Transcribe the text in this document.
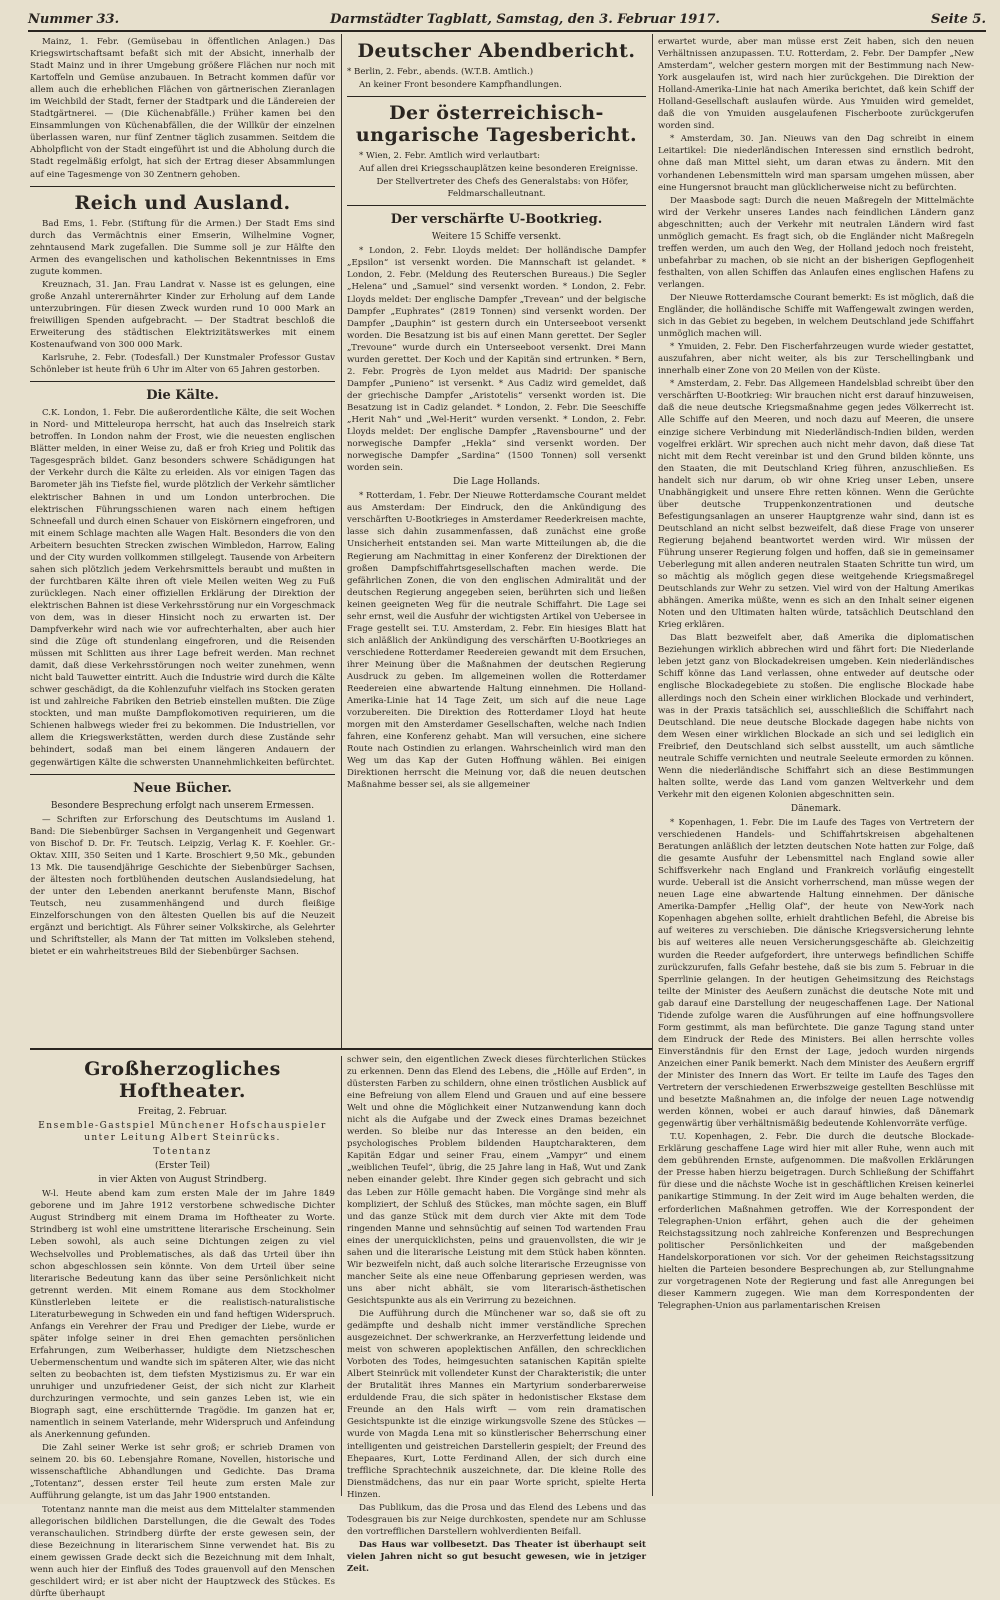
Nummer 33.	Darmstädter Tagblatt, Samstag, den 3. Februar 1917.	Seite 5.

Mainz, 1. Febr. (Gemüsebau in öffentlichen Anlagen.) Das Kriegswirtschaftsamt befaßt sich mit der Absicht, innerhalb der Stadt Mainz und in ihrer Umgebung größere Flächen nur noch mit Kartoffeln und Gemüse anzubauen. In Betracht kommen dafür vor allem auch die erheblichen Flächen von gärtnerischen Zieranlagen im Weichbild der Stadt, ferner der Stadtpark und die Ländereien der Stadtgärtnerei. — (Die Küchenabfälle.) Früher kamen bei den Einsammlungen von Küchenabfällen, die der Willkür der einzelnen überlassen waren, nur fünf Zentner täglich zusammen. Seitdem die Abholpflicht von der Stadt eingeführt ist und die Abholung durch die Stadt regelmäßig erfolgt, hat sich der Ertrag dieser Absammlungen auf eine Tagesmenge von 30 Zentnern gehoben.

Reich und Ausland.

Bad Ems, 1. Febr. (Stiftung für die Armen.) Der Stadt Ems sind durch das Vermächtnis einer Emserin, Wilhelmine Vogner, zehntausend Mark zugefallen. Die Summe soll je zur Hälfte den Armen des evangelischen und katholischen Bekenntnisses in Ems zugute kommen.

Kreuznach, 31. Jan. Frau Landrat v. Nasse ist es gelungen, eine große Anzahl unterernährter Kinder zur Erholung auf dem Lande unterzubringen. Für diesen Zweck wurden rund 10 000 Mark an freiwilligen Spenden aufgebracht. — Der Stadtrat beschloß die Erweiterung des städtischen Elektrizitätswerkes mit einem Kostenaufwand von 300 000 Mark.

Karlsruhe, 2. Febr. (Todesfall.) Der Kunstmaler Professor Gustav Schönleber ist heute früh 6 Uhr im Alter von 65 Jahren gestorben.

Die Kälte.

C.K. London, 1. Febr. Die außerordentliche Kälte, die seit Wochen in Nord- und Mitteleuropa herrscht, hat auch das Inselreich stark betroffen. In London nahm der Frost, wie die neuesten englischen Blätter melden, in einer Weise zu, daß er froh Krieg und Politik das Tagesgespräch bildet. Ganz besonders schwere Schädigungen hat der Verkehr durch die Kälte zu erleiden. Als vor einigen Tagen das Barometer jäh ins Tiefste fiel, wurde plötzlich der Verkehr sämtlicher elektrischer Bahnen in und um London unterbrochen. Die elektrischen Führungsschienen waren nach einem heftigen Schneefall und durch einen Schauer von Eiskörnern eingefroren, und mit einem Schlage machten alle Wagen Halt. Besonders die von den Arbeitern besuchten Strecken zwischen Wimbledon, Harrow, Ealing und der City wurden vollkommen stillgelegt. Tausende von Arbeitern sahen sich plötzlich jedem Verkehrsmittels beraubt und mußten in der furchtbaren Kälte ihren oft viele Meilen weiten Weg zu Fuß zurücklegen. Nach einer offiziellen Erklärung der Direktion der elektrischen Bahnen ist diese Verkehrsstörung nur ein Vorgeschmack von dem, was in dieser Hinsicht noch zu erwarten ist. Der Dampfverkehr wird nach wie vor aufrechterhalten, aber auch hier sind die Züge oft stundenlang eingefroren, und die Reisenden müssen mit Schlitten aus ihrer Lage befreit werden. Man rechnet damit, daß diese Verkehrsstörungen noch weiter zunehmen, wenn nicht bald Tauwetter eintritt. Auch die Industrie wird durch die Kälte schwer geschädigt, da die Kohlenzufuhr vielfach ins Stocken geraten ist und zahlreiche Fabriken den Betrieb einstellen mußten. Die Züge stockten, und man mußte Dampflokomotiven requirieren, um die Schienen halbwegs wieder frei zu bekommen. Die Industriellen, vor allem die Kriegswerkstätten, werden durch diese Zustände sehr behindert, sodaß man bei einem längeren Andauern der gegenwärtigen Kälte die schwersten Unannehmlichkeiten befürchtet.

Neue Bücher.
Besondere Besprechung erfolgt nach unserem Ermessen.

— Schriften zur Erforschung des Deutschtums im Ausland 1. Band: Die Siebenbürger Sachsen in Vergangenheit und Gegenwart von Bischof D. Dr. Fr. Teutsch. Leipzig, Verlag K. F. Koehler. Gr.-Oktav. XIII, 350 Seiten und 1 Karte. Broschiert 9,50 Mk., gebunden 13 Mk. Die tausendjährige Geschichte der Siebenbürger Sachsen, der ältesten noch fortblühenden deutschen Auslandsiedelung, hat der unter den Lebenden anerkannt berufenste Mann, Bischof Teutsch, neu zusammenhängend und durch fleißige Einzelforschungen von den ältesten Quellen bis auf die Neuzeit ergänzt und berichtigt. Als Führer seiner Volkskirche, als Gelehrter und Schriftsteller, als Mann der Tat mitten im Volksleben stehend, bietet er ein wahrheitstreues Bild der Siebenbürger Sachsen.

Deutscher Abendbericht.

* Berlin, 2. Febr., abends. (W.T.B. Amtlich.)

An keiner Front besondere Kampfhandlungen.

Der österreichisch-ungarische Tagesbericht.

* Wien, 2. Febr. Amtlich wird verlautbart:

Auf allen drei Kriegsschauplätzen keine besonderen Ereignisse.

Der Stellvertreter des Chefs des Generalstabs: von Höfer, Feldmarschalleutnant.

Der verschärfte U-Bootkrieg.
Weitere 15 Schiffe versenkt.

* London, 2. Febr. Lloyds meldet: Der holländische Dampfer „Epsilon“ ist versenkt worden. Die Mannschaft ist gelandet. * London, 2. Febr. (Meldung des Reuterschen Bureaus.) Die Segler „Helena“ und „Samuel“ sind versenkt worden. * London, 2. Febr. Lloyds meldet: Der englische Dampfer „Trevean“ und der belgische Dampfer „Euphrates“ (2819 Tonnen) sind versenkt worden. Der Dampfer „Dauphin“ ist gestern durch ein Unterseeboot versenkt worden. Die Besatzung ist bis auf einen Mann gerettet. Der Segler „Trevoune“ wurde durch ein Unterseeboot versenkt. Drei Mann wurden gerettet. Der Koch und der Kapitän sind ertrunken. * Bern, 2. Febr. Progrès de Lyon meldet aus Madrid: Der spanische Dampfer „Punieno“ ist versenkt. * Aus Cadiz wird gemeldet, daß der griechische Dampfer „Aristotelis“ versenkt worden ist. Die Besatzung ist in Cadiz gelandet. * London, 2. Febr. Die Seeschiffe „Herit Nah“ und „Wel-Herit“ wurden versenkt. * London, 2. Febr. Lloyds meldet: Der englische Dampfer „Ravensbourne“ und der norwegische Dampfer „Hekla“ sind versenkt worden. Der norwegische Dampfer „Sardina“ (1500 Tonnen) soll versenkt worden sein.

Die Lage Hollands.

* Rotterdam, 1. Febr. Der Nieuwe Rotterdamsche Courant meldet aus Amsterdam: Der Eindruck, den die Ankündigung des verschärften U-Bootkrieges in Amsterdamer Reederkreisen machte, lasse sich dahin zusammenfassen, daß zunächst eine große Unsicherheit entstanden sei. Man warte Mitteilungen ab, die die Regierung am Nachmittag in einer Konferenz der Direktionen der großen Dampfschiffahrtsgesellschaften machen werde. Die gefährlichen Zonen, die von den englischen Admiralität und der deutschen Regierung angegeben seien, berührten sich und ließen keinen geeigneten Weg für die neutrale Schiffahrt. Die Lage sei sehr ernst, weil die Ausfuhr der wichtigsten Artikel von Uebersee in Frage gestellt sei. T.U. Amsterdam, 2. Febr. Ein hiesiges Blatt hat sich anläßlich der Ankündigung des verschärften U-Bootkrieges an verschiedene Rotterdamer Reedereien gewandt mit dem Ersuchen, ihrer Meinung über die Maßnahmen der deutschen Regierung Ausdruck zu geben. Im allgemeinen wollen die Rotterdamer Reedereien eine abwartende Haltung einnehmen. Die Holland-Amerika-Linie hat 14 Tage Zeit, um sich auf die neue Lage vorzubereiten. Die Direktion des Rotterdamer Lloyd hat heute morgen mit den Amsterdamer Gesellschaften, welche nach Indien fahren, eine Konferenz gehabt. Man will versuchen, eine sichere Route nach Ostindien zu erlangen. Wahrscheinlich wird man den Weg um das Kap der Guten Hoffnung wählen. Bei einigen Direktionen herrscht die Meinung vor, daß die neuen deutschen Maßnahme besser sei, als sie allgemeiner

erwartet wurde, aber man müsse erst Zeit haben, sich den neuen Verhältnissen anzupassen. T.U. Rotterdam, 2. Febr. Der Dampfer „New Amsterdam“, welcher gestern morgen mit der Bestimmung nach New-York ausgelaufen ist, wird nach hier zurückgehen. Die Direktion der Holland-Amerika-Linie hat nach Amerika berichtet, daß kein Schiff der Holland-Gesellschaft auslaufen würde. Aus Ymuiden wird gemeldet, daß die von Ymuiden ausgelaufenen Fischerboote zurückgerufen worden sind.

* Amsterdam, 30. Jan. Nieuws van den Dag schreibt in einem Leitartikel: Die niederländischen Interessen sind ernstlich bedroht, ohne daß man Mittel sieht, um daran etwas zu ändern. Mit den vorhandenen Lebensmitteln wird man sparsam umgehen müssen, aber eine Hungersnot braucht man glücklicherweise nicht zu befürchten.

Der Maasbode sagt: Durch die neuen Maßregeln der Mittelmächte wird der Verkehr unseres Landes nach feindlichen Ländern ganz abgeschnitten; auch der Verkehr mit neutralen Ländern wird fast unmöglich gemacht. Es fragt sich, ob die Engländer nicht Maßregeln treffen werden, um auch den Weg, der Holland jedoch noch freisteht, unbefahrbar zu machen, ob sie nicht an der bisherigen Gepflogenheit festhalten, von allen Schiffen das Anlaufen eines englischen Hafens zu verlangen.

Der Nieuwe Rotterdamsche Courant bemerkt: Es ist möglich, daß die Engländer, die holländische Schiffe mit Waffengewalt zwingen werden, sich in das Gebiet zu begeben, in welchem Deutschland jede Schiffahrt unmöglich machen will.

* Ymuiden, 2. Febr. Den Fischerfahrzeugen wurde wieder gestattet, auszufahren, aber nicht weiter, als bis zur Terschellingbank und innerhalb einer Zone von 20 Meilen von der Küste.

* Amsterdam, 2. Febr. Das Allgemeen Handelsblad schreibt über den verschärften U-Bootkrieg: Wir brauchen nicht erst darauf hinzuweisen, daß die neue deutsche Kriegsmaßnahme gegen jedes Völkerrecht ist. Alle Schiffe auf den Meeren, und noch dazu auf Meeren, die unsere einzige sichere Verbindung mit Niederländisch-Indien bilden, werden vogelfrei erklärt. Wir sprechen auch nicht mehr davon, daß diese Tat nicht mit dem Recht vereinbar ist und den Grund bilden könnte, uns den Staaten, die mit Deutschland Krieg führen, anzuschließen. Es handelt sich nur darum, ob wir ohne Krieg unser Leben, unsere Unabhängigkeit und unsere Ehre retten können. Wenn die Gerüchte über deutsche Truppenkonzentrationen und deutsche Befestigungsanlagen an unserer Hauptgrenze wahr sind, dann ist es Deutschland an nicht selbst bezweifelt, daß diese Frage von unserer Regierung bejahend beantwortet werden wird. Wir müssen der Führung unserer Regierung folgen und hoffen, daß sie in gemeinsamer Ueberlegung mit allen anderen neutralen Staaten Schritte tun wird, um so mächtig als möglich gegen diese weitgehende Kriegsmaßregel Deutschlands zur Wehr zu setzen. Viel wird von der Haltung Amerikas abhängen. Amerika müßte, wenn es sich an den Inhalt seiner eigenen Noten und den Ultimaten halten würde, tatsächlich Deutschland den Krieg erklären.

Das Blatt bezweifelt aber, daß Amerika die diplomatischen Beziehungen wirklich abbrechen wird und fährt fort: Die Niederlande leben jetzt ganz von Blockadekreisen umgeben. Kein niederländisches Schiff könne das Land verlassen, ohne entweder auf deutsche oder englische Blockadegebiete zu stoßen. Die englische Blockade habe allerdings noch den Schein einer wirklichen Blockade und verhindert, was in der Praxis tatsächlich sei, ausschließlich die Schiffahrt nach Deutschland. Die neue deutsche Blockade dagegen habe nichts von dem Wesen einer wirklichen Blockade an sich und sei lediglich ein Freibrief, den Deutschland sich selbst ausstellt, um auch sämtliche neutrale Schiffe vernichten und neutrale Seeleute ermorden zu können. Wenn die niederländische Schiffahrt sich an diese Bestimmungen halten sollte, werde das Land vom ganzen Weltverkehr und dem Verkehr mit den eigenen Kolonien abgeschnitten sein.

Dänemark.

* Kopenhagen, 1. Febr. Die im Laufe des Tages von Vertretern der verschiedenen Handels- und Schiffahrtskreisen abgehaltenen Beratungen anläßlich der letzten deutschen Note hatten zur Folge, daß die gesamte Ausfuhr der Lebensmittel nach England sowie aller Schiffsverkehr nach England und Frankreich vorläufig eingestellt wurde. Ueberall ist die Ansicht vorherrschend, man müsse wegen der neuen Lage eine abwartende Haltung einnehmen. Der dänische Amerika-Dampfer „Hellig Olaf“, der heute von New-York nach Kopenhagen abgehen sollte, erhielt drahtlichen Befehl, die Abreise bis auf weiteres zu verschieben. Die dänische Kriegsversicherung lehnte bis auf weiteres alle neuen Versicherungsgeschäfte ab. Gleichzeitig wurden die Reeder aufgefordert, ihre unterwegs befindlichen Schiffe zurückzurufen, falls Gefahr bestehe, daß sie bis zum 5. Februar in die Sperrlinie gelangen. In der heutigen Geheimsitzung des Reichstags teilte der Minister des Aeußern zunächst die deutsche Note mit und gab darauf eine Darstellung der neugeschaffenen Lage. Der National Tidende zufolge waren die Ausführungen auf eine hoffnungsvollere Form gestimmt, als man befürchtete. Die ganze Tagung stand unter dem Eindruck der Rede des Ministers. Bei allen herrschte volles Einverständnis für den Ernst der Lage, jedoch wurden nirgends Anzeichen einer Panik bemerkt. Nach dem Minister des Aeußern ergriff der Minister des Innern das Wort. Er teilte im Laufe des Tages den Vertretern der verschiedenen Erwerbszweige gestellten Beschlüsse mit und besetzte Maßnahmen an, die infolge der neuen Lage notwendig werden können, wobei er auch darauf hinwies, daß Dänemark gegenwärtig über verhältnismäßig bedeutende Kohlenvorräte verfüge.

T.U. Kopenhagen, 2. Febr. Die durch die deutsche Blockade-Erklärung geschaffene Lage wird hier mit aller Ruhe, wenn auch mit dem gebührenden Ernste, aufgenommen. Die maßvollen Erklärungen der Presse haben hierzu beigetragen. Durch Schließung der Schiffahrt für diese und die nächste Woche ist in geschäftlichen Kreisen keinerlei panikartige Stimmung. In der Zeit wird im Auge behalten werden, die erforderlichen Maßnahmen getroffen. Wie der Korrespondent der Telegraphen-Union erfährt, gehen auch die der geheimen Reichstagssitzung noch zahlreiche Konferenzen und Besprechungen politischer Persönlichkeiten und der maßgebenden Handelskorporationen vor sich. Vor der geheimen Reichstagssitzung hielten die Parteien besondere Besprechungen ab, zur Stellungnahme zur vorgetragenen Note der Regierung und fast alle Anregungen bei dieser Kammern zugegen. Wie man dem Korrespondenten der Telegraphen-Union aus parlamentarischen Kreisen

Großherzogliches Hoftheater.
Freitag, 2. Februar.
Ensemble-Gastspiel Münchener Hofschauspieler unter Leitung Albert Steinrücks.
Totentanz
(Erster Teil)
in vier Akten von August Strindberg.

W-l. Heute abend kam zum ersten Male der im Jahre 1849 geborene und im Jahre 1912 verstorbene schwedische Dichter August Strindberg mit einem Drama im Hoftheater zu Worte. Strindberg ist wohl eine umstrittene literarische Erscheinung. Sein Leben sowohl, als auch seine Dichtungen zeigen zu viel Wechselvolles und Problematisches, als daß das Urteil über ihn schon abgeschlossen sein könnte. Von dem Urteil über seine literarische Bedeutung kann das über seine Persönlichkeit nicht getrennt werden. Mit einem Romane aus dem Stockholmer Künstlerleben leitete er die realistisch-naturalistische Literaturbewegung in Schweden ein und fand heftigen Widerspruch. Anfangs ein Verehrer der Frau und Prediger der Liebe, wurde er später infolge seiner in drei Ehen gemachten persönlichen Erfahrungen, zum Weiberhasser, huldigte dem Nietzscheschen Uebermenschentum und wandte sich im späteren Alter, wie das nicht selten zu beobachten ist, dem tiefsten Mystizismus zu. Er war ein unruhiger und unzufriedener Geist, der sich nicht zur Klarheit durchzuringen vermochte, und sein ganzes Leben ist, wie ein Biograph sagt, eine erschütternde Tragödie. Im ganzen hat er, namentlich in seinem Vaterlande, mehr Widerspruch und Anfeindung als Anerkennung gefunden.

Die Zahl seiner Werke ist sehr groß; er schrieb Dramen von seinem 20. bis 60. Lebensjahre Romane, Novellen, historische und wissenschaftliche Abhandlungen und Gedichte. Das Drama „Totentanz“, dessen erster Teil heute zum ersten Male zur Aufführung gelangte, ist um das Jahr 1900 entstanden.

Totentanz nannte man die meist aus dem Mittelalter stammenden allegorischen bildlichen Darstellungen, die die Gewalt des Todes veranschaulichen. Strindberg dürfte der erste gewesen sein, der diese Bezeichnung in literarischem Sinne verwendet hat. Bis zu einem gewissen Grade deckt sich die Bezeichnung mit dem Inhalt, wenn auch hier der Einfluß des Todes grauenvoll auf den Menschen geschildert wird; er ist aber nicht der Hauptzweck des Stückes. Es dürfte überhaupt

schwer sein, den eigentlichen Zweck dieses fürchterlichen Stückes zu erkennen. Denn das Elend des Lebens, die „Hölle auf Erden“, in düstersten Farben zu schildern, ohne einen tröstlichen Ausblick auf eine Befreiung von allem Elend und Grauen und auf eine bessere Welt und ohne die Möglichkeit einer Nutzanwendung kann doch nicht als die Aufgabe und der Zweck eines Dramas bezeichnet werden. So bleibe nur das Interesse an den beiden, ein psychologisches Problem bildenden Hauptcharakteren, dem Kapitän Edgar und seiner Frau, einem „Vampyr“ und einem „weiblichen Teufel“, übrig, die 25 Jahre lang in Haß, Wut und Zank neben einander gelebt. Ihre Kinder gegen sich gebracht und sich das Leben zur Hölle gemacht haben. Die Vorgänge sind mehr als kompliziert, der Schluß des Stückes, man möchte sagen, ein Bluff und das ganze Stück mit dem durch vier Akte mit dem Tode ringenden Manne und sehnsüchtig auf seinen Tod wartenden Frau eines der unerquicklichsten, peins und grauenvollsten, die wir je sahen und die literarische Leistung mit dem Stück haben könnten. Wir bezweifeln nicht, daß auch solche literarische Erzeugnisse von mancher Seite als eine neue Offenbarung gepriesen werden, was uns aber nicht abhält, sie vom literarisch-ästhetischen Gesichtspunkte aus als ein Verirrung zu bezeichnen.

Die Aufführung durch die Münchener war so, daß sie oft zu gedämpfte und deshalb nicht immer verständliche Sprechen ausgezeichnet. Der schwerkranke, an Herzverfettung leidende und meist von schweren apoplektischen Anfällen, den schrecklichen Vorboten des Todes, heimgesuchten satanischen Kapitän spielte Albert Steinrück mit vollendeter Kunst der Charakteristik; die unter der Brutalität ihres Mannes ein Martyrium sonderbarerweise erduldende Frau, die sich später in hedonistischer Ekstase dem Freunde an den Hals wirft — vom rein dramatischen Gesichtspunkte ist die einzige wirkungsvolle Szene des Stückes — wurde von Magda Lena mit so künstlerischer Beherrschung einer intelligenten und geistreichen Darstellerin gespielt; der Freund des Ehepaares, Kurt, Lotte Ferdinand Allen, der sich durch eine treffliche Sprachtechnik auszeichnete, dar. Die kleine Rolle des Dienstmädchens, das nur ein paar Worte spricht, spielte Herta Hinzen.

Das Publikum, das die Prosa und das Elend des Lebens und das Todesgrauen bis zur Neige durchkosten, spendete nur am Schlusse den vortrefflichen Darstellern wohlverdienten Beifall.

Das Haus war vollbesetzt. Das Theater ist überhaupt seit vielen Jahren nicht so gut besucht gewesen, wie in jetziger Zeit.
